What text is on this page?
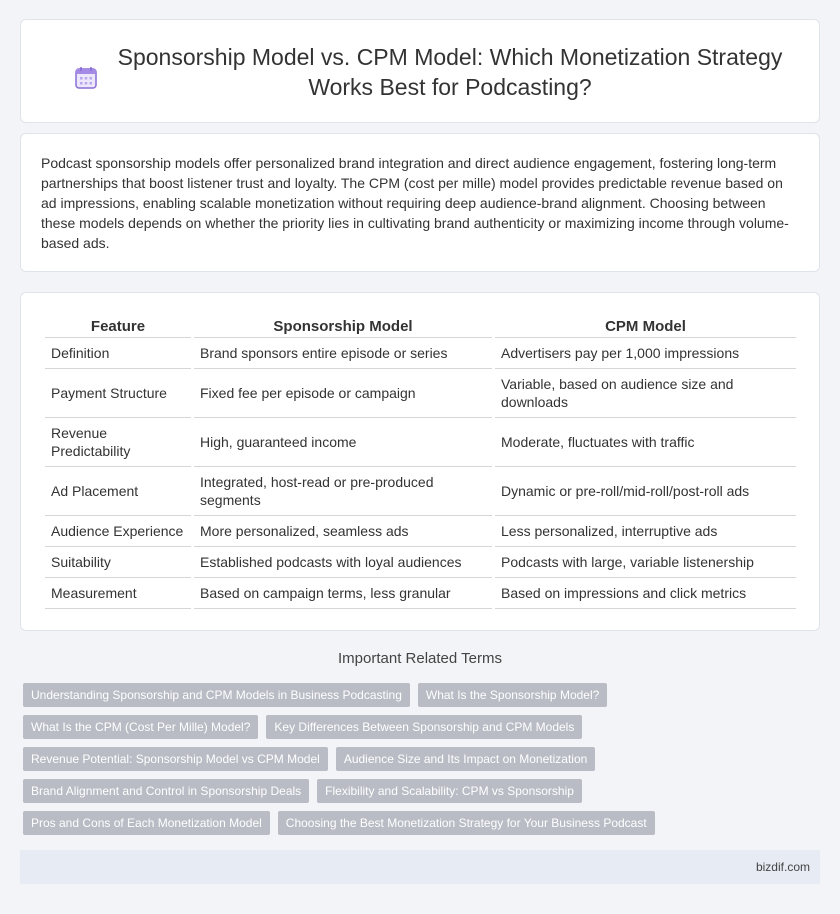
Sponsorship Model vs. CPM Model: Which Monetization Strategy Works Best for Podcasting?

Podcast sponsorship models offer personalized brand integration and direct audience engagement, fostering long-term partnerships that boost listener trust and loyalty. The CPM (cost per mille) model provides predictable revenue based on ad impressions, enabling scalable monetization without requiring deep audience-brand alignment. Choosing between these models depends on whether the priority lies in cultivating brand authenticity or maximizing income through volume-based ads.

Feature	Sponsorship Model	CPM Model
Definition	Brand sponsors entire episode or series	Advertisers pay per 1,000 impressions
Payment Structure	Fixed fee per episode or campaign	Variable, based on audience size and downloads
Revenue Predictability	High, guaranteed income	Moderate, fluctuates with traffic
Ad Placement	Integrated, host-read or pre-produced segments	Dynamic or pre-roll/mid-roll/post-roll ads
Audience Experience	More personalized, seamless ads	Less personalized, interruptive ads
Suitability	Established podcasts with loyal audiences	Podcasts with large, variable listenership
Measurement	Based on campaign terms, less granular	Based on impressions and click metrics
Important Related Terms
Understanding Sponsorship and CPM Models in Business Podcasting	What Is the Sponsorship Model?
What Is the CPM (Cost Per Mille) Model?	Key Differences Between Sponsorship and CPM Models
Revenue Potential: Sponsorship Model vs CPM Model	Audience Size and Its Impact on Monetization
Brand Alignment and Control in Sponsorship Deals	Flexibility and Scalability: CPM vs Sponsorship
Pros and Cons of Each Monetization Model	Choosing the Best Monetization Strategy for Your Business Podcast
bizdif.com
